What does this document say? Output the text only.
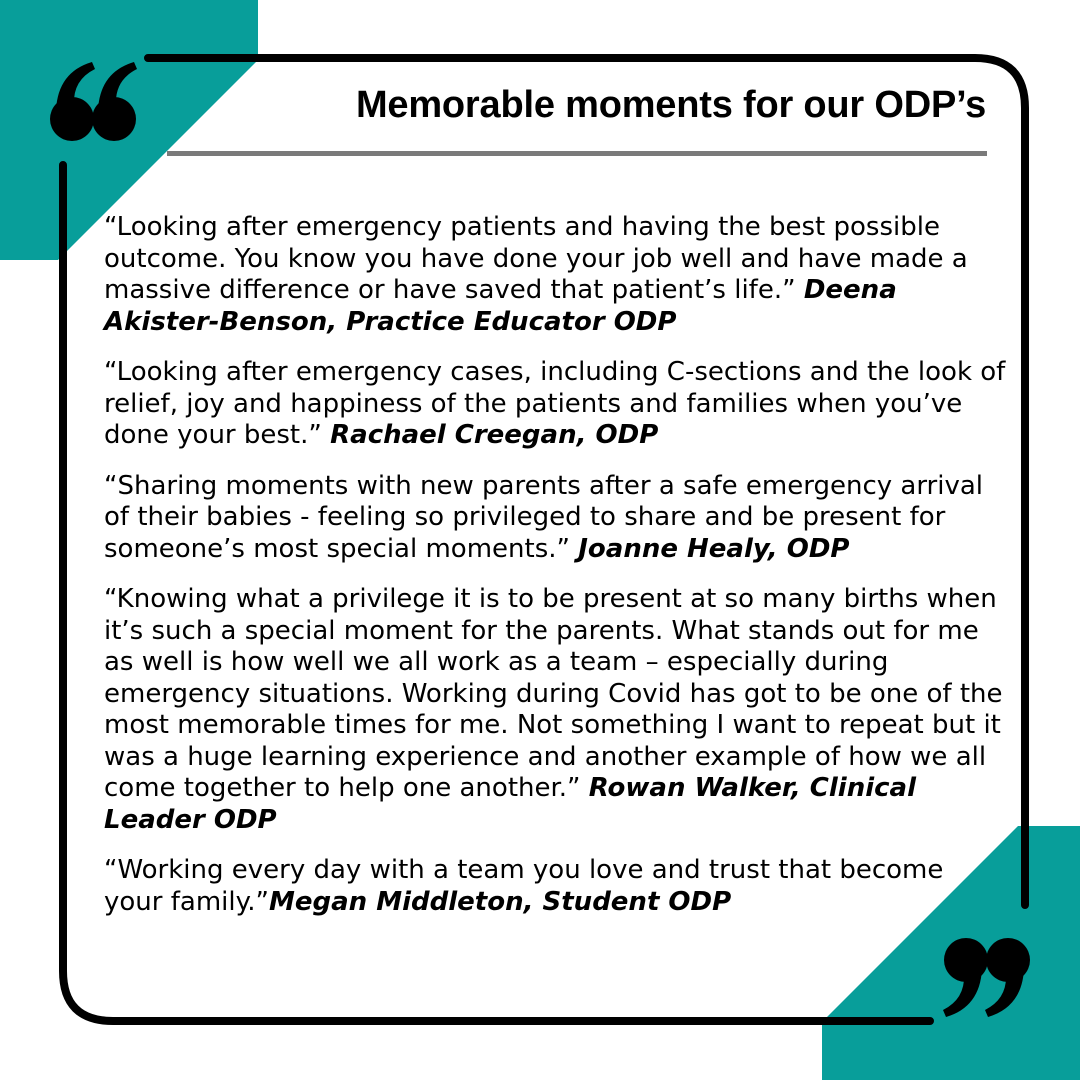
Memorable moments for our ODP’s

“Looking after emergency patients and having the best possible outcome. You know you have done your job well and have made a massive difference or have saved that patient’s life.” Deena Akister-Benson, Practice Educator ODP

“Looking after emergency cases, including C-sections and the look of relief, joy and happiness of the patients and families when you’ve done your best.” Rachael Creegan, ODP

“Sharing moments with new parents after a safe emergency arrival of their babies - feeling so privileged to share and be present for someone’s most special moments.” Joanne Healy, ODP

“Knowing what a privilege it is to be present at so many births when it’s such a special moment for the parents. What stands out for me as well is how well we all work as a team – especially during emergency situations. Working during Covid has got to be one of the most memorable times for me. Not something I want to repeat but it was a huge learning experience and another example of how we all come together to help one another.” Rowan Walker, Clinical Leader ODP

“Working every day with a team you love and trust that become your family.”Megan Middleton, Student ODP
